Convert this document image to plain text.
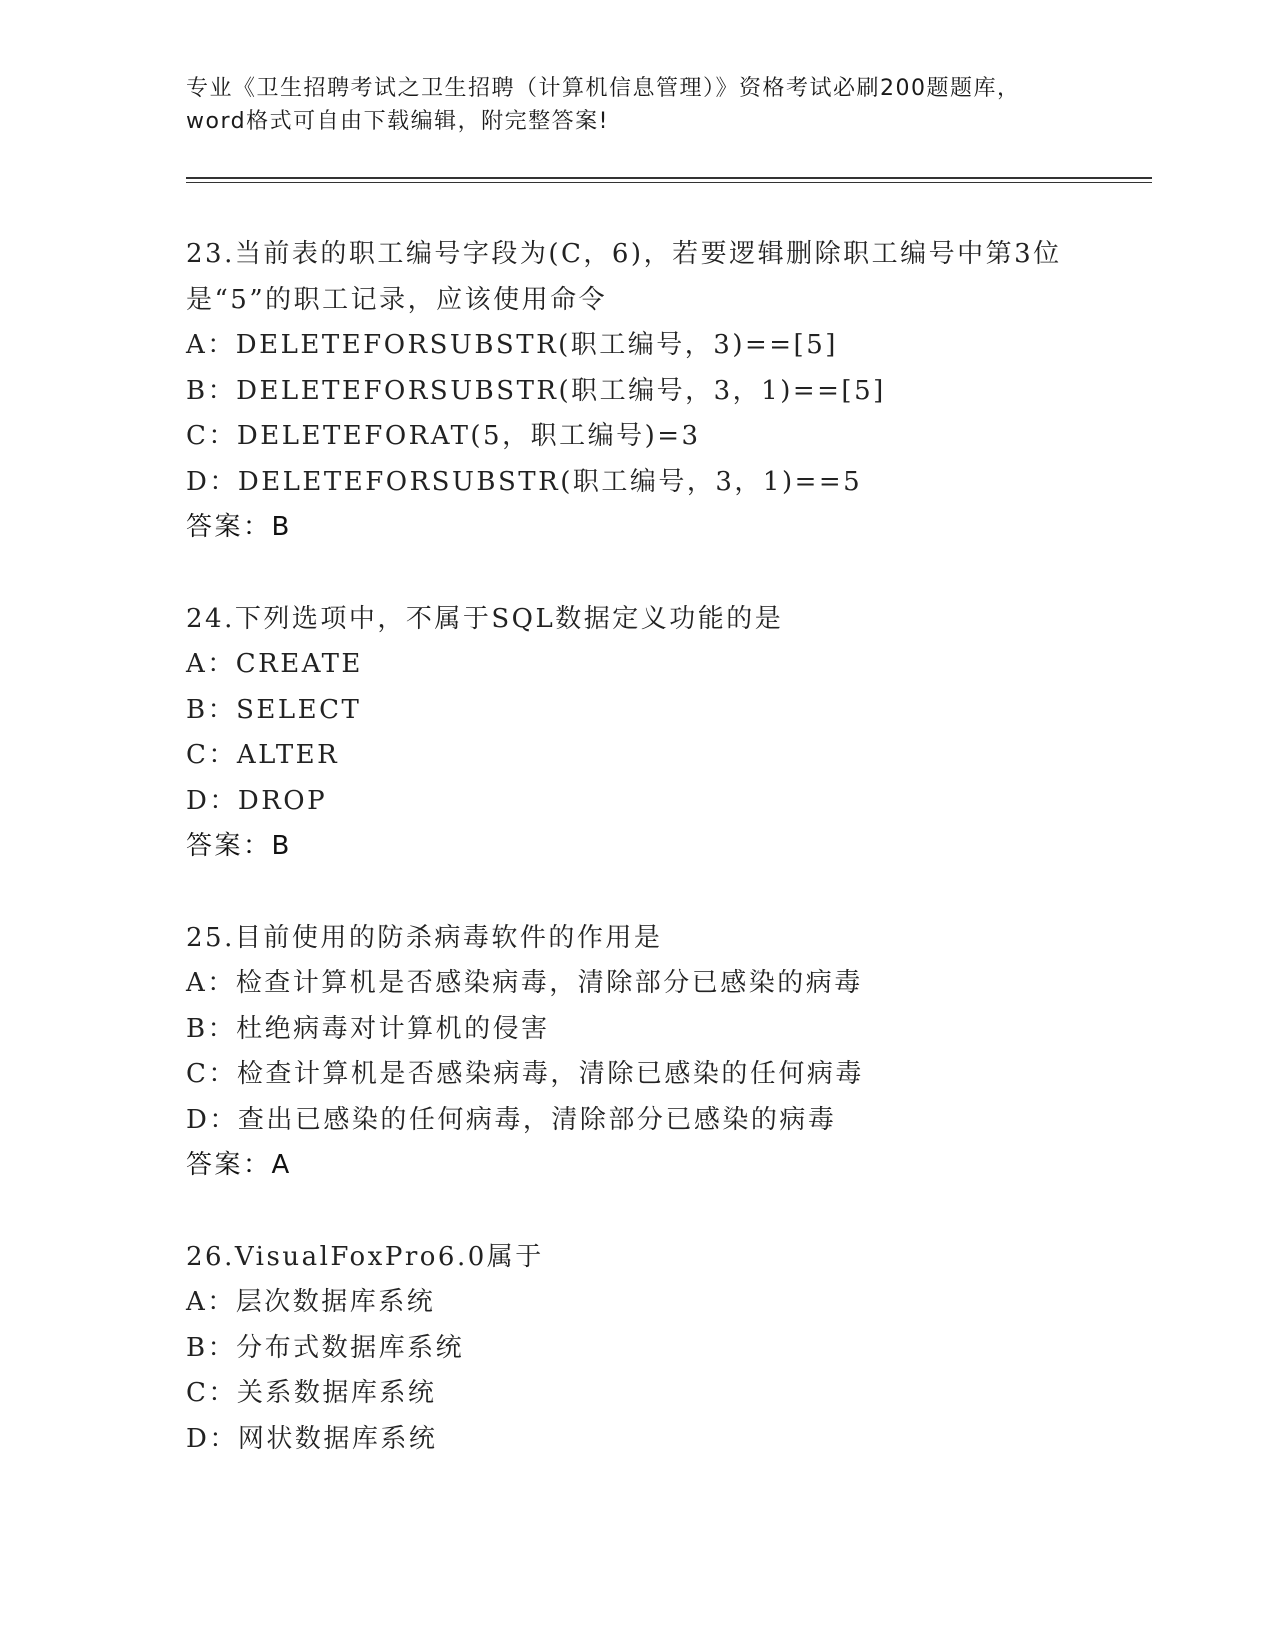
专业《卫生招聘考试之卫生招聘（计算机信息管理）》资格考试必刷200题题库，
word格式可自由下载编辑，附完整答案!
23.当前表的职工编号字段为(C，6)，若要逻辑删除职工编号中第3位
是“5”的职工记录，应该使用命令
A：DELETEFORSUBSTR(职工编号，3)==[5]
B：DELETEFORSUBSTR(职工编号，3，1)==[5]
C：DELETEFORAT(5，职工编号)=3
D：DELETEFORSUBSTR(职工编号，3，1)==5
答案：B
24.下列选项中，不属于SQL数据定义功能的是
A：CREATE
B：SELECT
C：ALTER
D：DROP
答案：B
25.目前使用的防杀病毒软件的作用是
A：检查计算机是否感染病毒，清除部分已感染的病毒
B：杜绝病毒对计算机的侵害
C：检查计算机是否感染病毒，清除已感染的任何病毒
D：查出已感染的任何病毒，清除部分已感染的病毒
答案：A
26.VisualFoxPro6.0属于
A：层次数据库系统
B：分布式数据库系统
C：关系数据库系统
D：网状数据库系统
